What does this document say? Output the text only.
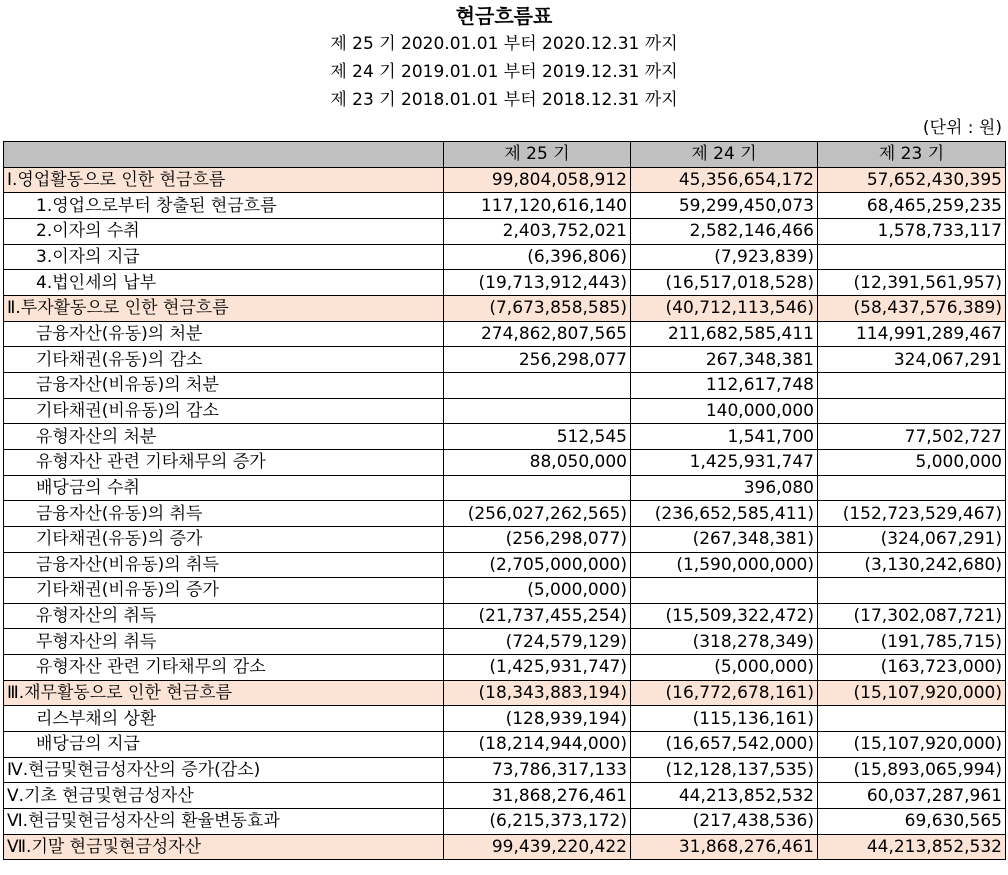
현금흐름표
제 25 기 2020.01.01 부터 2020.12.31 까지
제 24 기 2019.01.01 부터 2019.12.31 까지
제 23 기 2018.01.01 부터 2018.12.31 까지
(단위 : 원)
	제 25 기	제 24 기	제 23 기
Ⅰ.영업활동으로 인한 현금흐름	99,804,058,912	45,356,654,172	57,652,430,395
1.영업으로부터 창출된 현금흐름	117,120,616,140	59,299,450,073	68,465,259,235
2.이자의 수취	2,403,752,021	2,582,146,466	1,578,733,117
3.이자의 지급	(6,396,806)	(7,923,839)	
4.법인세의 납부	(19,713,912,443)	(16,517,018,528)	(12,391,561,957)
Ⅱ.투자활동으로 인한 현금흐름	(7,673,858,585)	(40,712,113,546)	(58,437,576,389)
금융자산(유동)의 처분	274,862,807,565	211,682,585,411	114,991,289,467
기타채권(유동)의 감소	256,298,077	267,348,381	324,067,291
금융자산(비유동)의 처분		112,617,748	
기타채권(비유동)의 감소		140,000,000	
유형자산의 처분	512,545	1,541,700	77,502,727
유형자산 관련 기타채무의 증가	88,050,000	1,425,931,747	5,000,000
배당금의 수취		396,080	
금융자산(유동)의 취득	(256,027,262,565)	(236,652,585,411)	(152,723,529,467)
기타채권(유동)의 증가	(256,298,077)	(267,348,381)	(324,067,291)
금융자산(비유동)의 취득	(2,705,000,000)	(1,590,000,000)	(3,130,242,680)
기타채권(비유동)의 증가	(5,000,000)		
유형자산의 취득	(21,737,455,254)	(15,509,322,472)	(17,302,087,721)
무형자산의 취득	(724,579,129)	(318,278,349)	(191,785,715)
유형자산 관련 기타채무의 감소	(1,425,931,747)	(5,000,000)	(163,723,000)
Ⅲ.재무활동으로 인한 현금흐름	(18,343,883,194)	(16,772,678,161)	(15,107,920,000)
리스부채의 상환	(128,939,194)	(115,136,161)	
배당금의 지급	(18,214,944,000)	(16,657,542,000)	(15,107,920,000)
Ⅳ.현금및현금성자산의 증가(감소)	73,786,317,133	(12,128,137,535)	(15,893,065,994)
Ⅴ.기초 현금및현금성자산	31,868,276,461	44,213,852,532	60,037,287,961
Ⅵ.현금및현금성자산의 환율변동효과	(6,215,373,172)	(217,438,536)	69,630,565
Ⅶ.기말 현금및현금성자산	99,439,220,422	31,868,276,461	44,213,852,532
